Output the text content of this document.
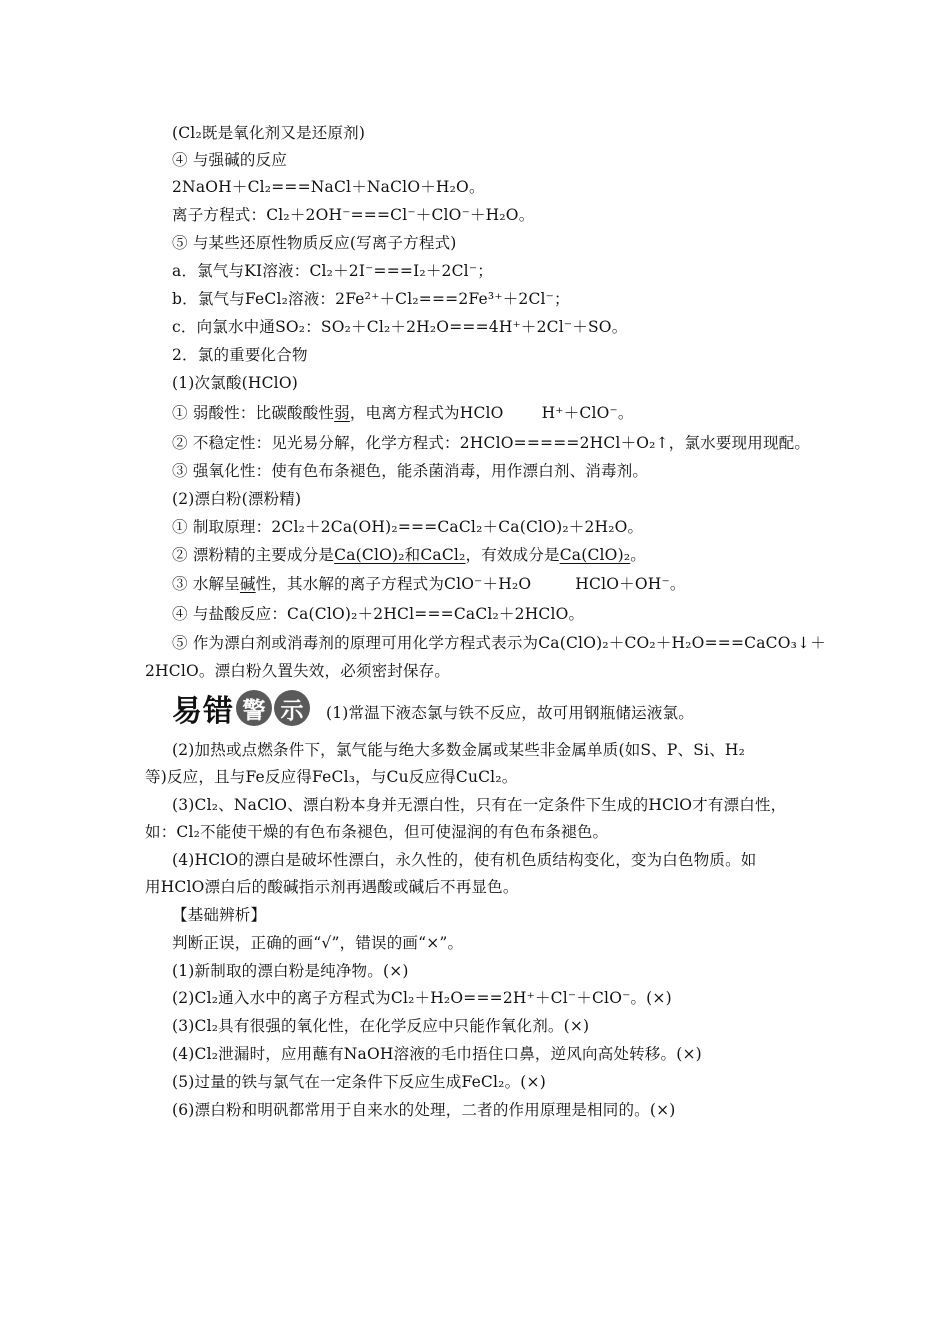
(Cl₂既是氧化剂又是还原剂)
④ 与强碱的反应
2NaOH＋Cl₂===NaCl＋NaClO＋H₂O。
离子方程式：Cl₂＋2OH⁻===Cl⁻＋ClO⁻＋H₂O。
⑤ 与某些还原性物质反应(写离子方程式)
a．氯气与KI溶液：Cl₂＋2I⁻===I₂＋2Cl⁻；
b．氯气与FeCl₂溶液：2Fe²⁺＋Cl₂===2Fe³⁺＋2Cl⁻；
c．向氯水中通SO₂：SO₂＋Cl₂＋2H₂O===4H⁺＋2Cl⁻＋SO。
2．氯的重要化合物
(1)次氯酸(HClO)
① 弱酸性：比碳酸酸性弱，电离方程式为HClO H⁺＋ClO⁻。
② 不稳定性：见光易分解，化学方程式：2HClO=====2HCl＋O₂↑，氯水要现用现配。
③ 强氧化性：使有色布条褪色，能杀菌消毒，用作漂白剂、消毒剂。
(2)漂白粉(漂粉精)
① 制取原理：2Cl₂＋2Ca(OH)₂===CaCl₂＋Ca(ClO)₂＋2H₂O。
② 漂粉精的主要成分是Ca(ClO)₂和CaCl₂，有效成分是Ca(ClO)₂。
③ 水解呈碱性，其水解的离子方程式为ClO⁻＋H₂O	HClO＋OH⁻。
④ 与盐酸反应：Ca(ClO)₂＋2HCl===CaCl₂＋2HClO。
⑤ 作为漂白剂或消毒剂的原理可用化学方程式表示为Ca(ClO)₂＋CO₂＋H₂O===CaCO₃↓＋
2HClO。漂白粉久置失效，必须密封保存。
易错 警 示	(1)常温下液态氯与铁不反应，故可用钢瓶储运液氯。
(2)加热或点燃条件下，氯气能与绝大多数金属或某些非金属单质(如S、P、Si、H₂
等)反应，且与Fe反应得FeCl₃，与Cu反应得CuCl₂。
(3)Cl₂、NaClO、漂白粉本身并无漂白性，只有在一定条件下生成的HClO才有漂白性，
如：Cl₂不能使干燥的有色布条褪色，但可使湿润的有色布条褪色。
(4)HClO的漂白是破坏性漂白，永久性的，使有机色质结构变化，变为白色物质。如
用HClO漂白后的酸碱指示剂再遇酸或碱后不再显色。
【基础辨析】
判断正误，正确的画“√”，错误的画“×”。
(1)新制取的漂白粉是纯净物。(×)
(2)Cl₂通入水中的离子方程式为Cl₂＋H₂O===2H⁺＋Cl⁻＋ClO⁻。(×)
(3)Cl₂具有很强的氧化性，在化学反应中只能作氧化剂。(×)
(4)Cl₂泄漏时，应用蘸有NaOH溶液的毛巾捂住口鼻，逆风向高处转移。(×)
(5)过量的铁与氯气在一定条件下反应生成FeCl₂。(×)
(6)漂白粉和明矾都常用于自来水的处理，二者的作用原理是相同的。(×)
